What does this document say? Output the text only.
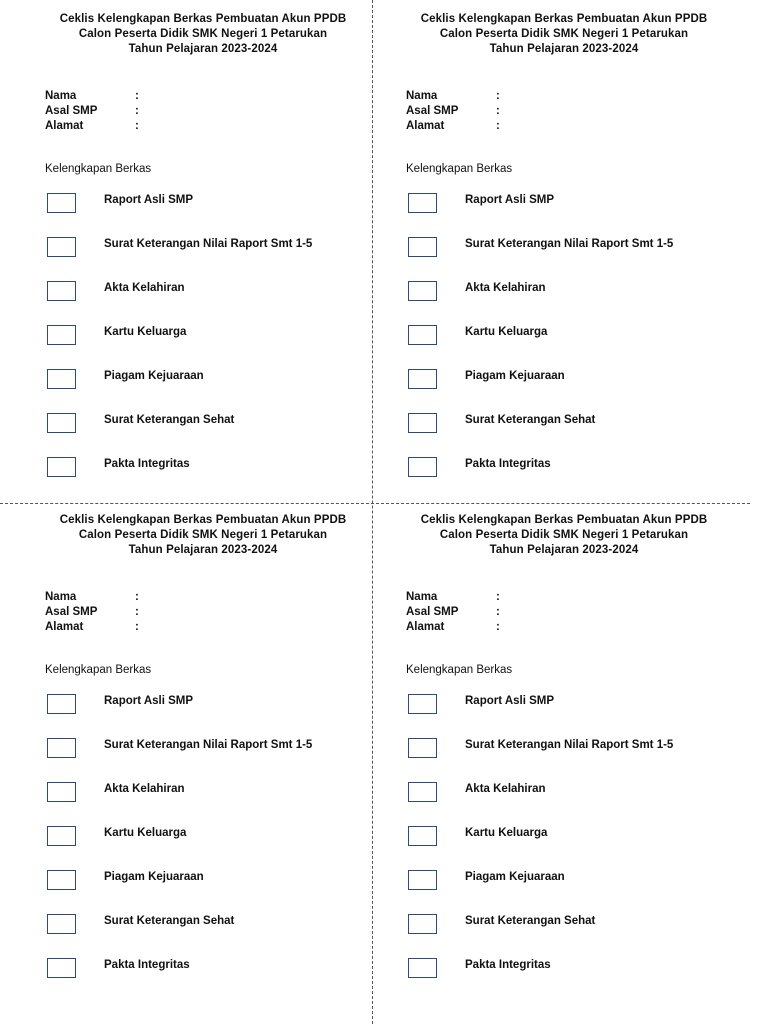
Ceklis Kelengkapan Berkas Pembuatan Akun PPDB
Calon Peserta Didik SMK Negeri 1 Petarukan
Tahun Pelajaran 2023-2024
Nama	:
Asal SMP	:
Alamat	:
Kelengkapan Berkas
Raport Asli SMP
Surat Keterangan Nilai Raport Smt 1-5
Akta Kelahiran
Kartu Keluarga
Piagam Kejuaraan
Surat Keterangan Sehat
Pakta Integritas
Ceklis Kelengkapan Berkas Pembuatan Akun PPDB
Calon Peserta Didik SMK Negeri 1 Petarukan
Tahun Pelajaran 2023-2024
Nama	:
Asal SMP	:
Alamat	:
Kelengkapan Berkas
Raport Asli SMP
Surat Keterangan Nilai Raport Smt 1-5
Akta Kelahiran
Kartu Keluarga
Piagam Kejuaraan
Surat Keterangan Sehat
Pakta Integritas
Ceklis Kelengkapan Berkas Pembuatan Akun PPDB
Calon Peserta Didik SMK Negeri 1 Petarukan
Tahun Pelajaran 2023-2024
Nama	:
Asal SMP	:
Alamat	:
Kelengkapan Berkas
Raport Asli SMP
Surat Keterangan Nilai Raport Smt 1-5
Akta Kelahiran
Kartu Keluarga
Piagam Kejuaraan
Surat Keterangan Sehat
Pakta Integritas
Ceklis Kelengkapan Berkas Pembuatan Akun PPDB
Calon Peserta Didik SMK Negeri 1 Petarukan
Tahun Pelajaran 2023-2024
Nama	:
Asal SMP	:
Alamat	:
Kelengkapan Berkas
Raport Asli SMP
Surat Keterangan Nilai Raport Smt 1-5
Akta Kelahiran
Kartu Keluarga
Piagam Kejuaraan
Surat Keterangan Sehat
Pakta Integritas
